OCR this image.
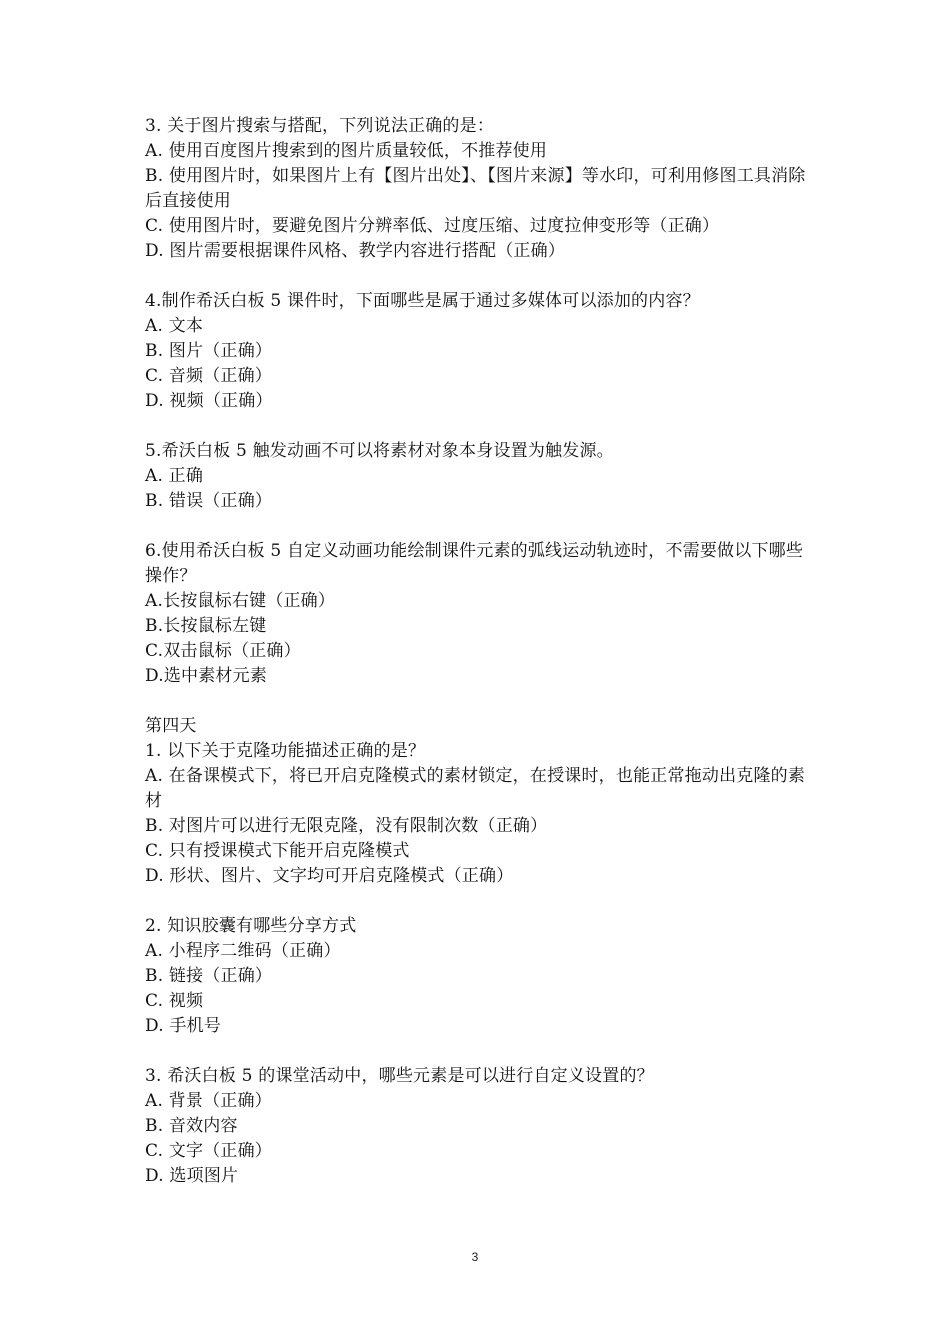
3. 关于图片搜索与搭配，下列说法正确的是：
A. 使用百度图片搜索到的图片质量较低，不推荐使用
B. 使用图片时，如果图片上有【图片出处】、【图片来源】等水印，可利用修图工具消除后直接使用
C. 使用图片时，要避免图片分辨率低、过度压缩、过度拉伸变形等（正确）
D. 图片需要根据课件风格、教学内容进行搭配（正确）
4.制作希沃白板 5 课件时，下面哪些是属于通过多媒体可以添加的内容？
A. 文本
B. 图片（正确）
C. 音频（正确）
D. 视频（正确）
5.希沃白板 5 触发动画不可以将素材对象本身设置为触发源。
A. 正确
B. 错误（正确）
6.使用希沃白板 5 自定义动画功能绘制课件元素的弧线运动轨迹时，不需要做以下哪些操作？
A.长按鼠标右键（正确）
B.长按鼠标左键
C.双击鼠标（正确）
D.选中素材元素
第四天
1. 以下关于克隆功能描述正确的是？
A. 在备课模式下，将已开启克隆模式的素材锁定，在授课时，也能正常拖动出克隆的素材
B. 对图片可以进行无限克隆，没有限制次数（正确）
C. 只有授课模式下能开启克隆模式
D. 形状、图片、文字均可开启克隆模式（正确）
2. 知识胶囊有哪些分享方式
A. 小程序二维码（正确）
B. 链接（正确）
C. 视频
D. 手机号
3. 希沃白板 5 的课堂活动中，哪些元素是可以进行自定义设置的？
A. 背景（正确）
B. 音效内容
C. 文字（正确）
D. 选项图片
3
